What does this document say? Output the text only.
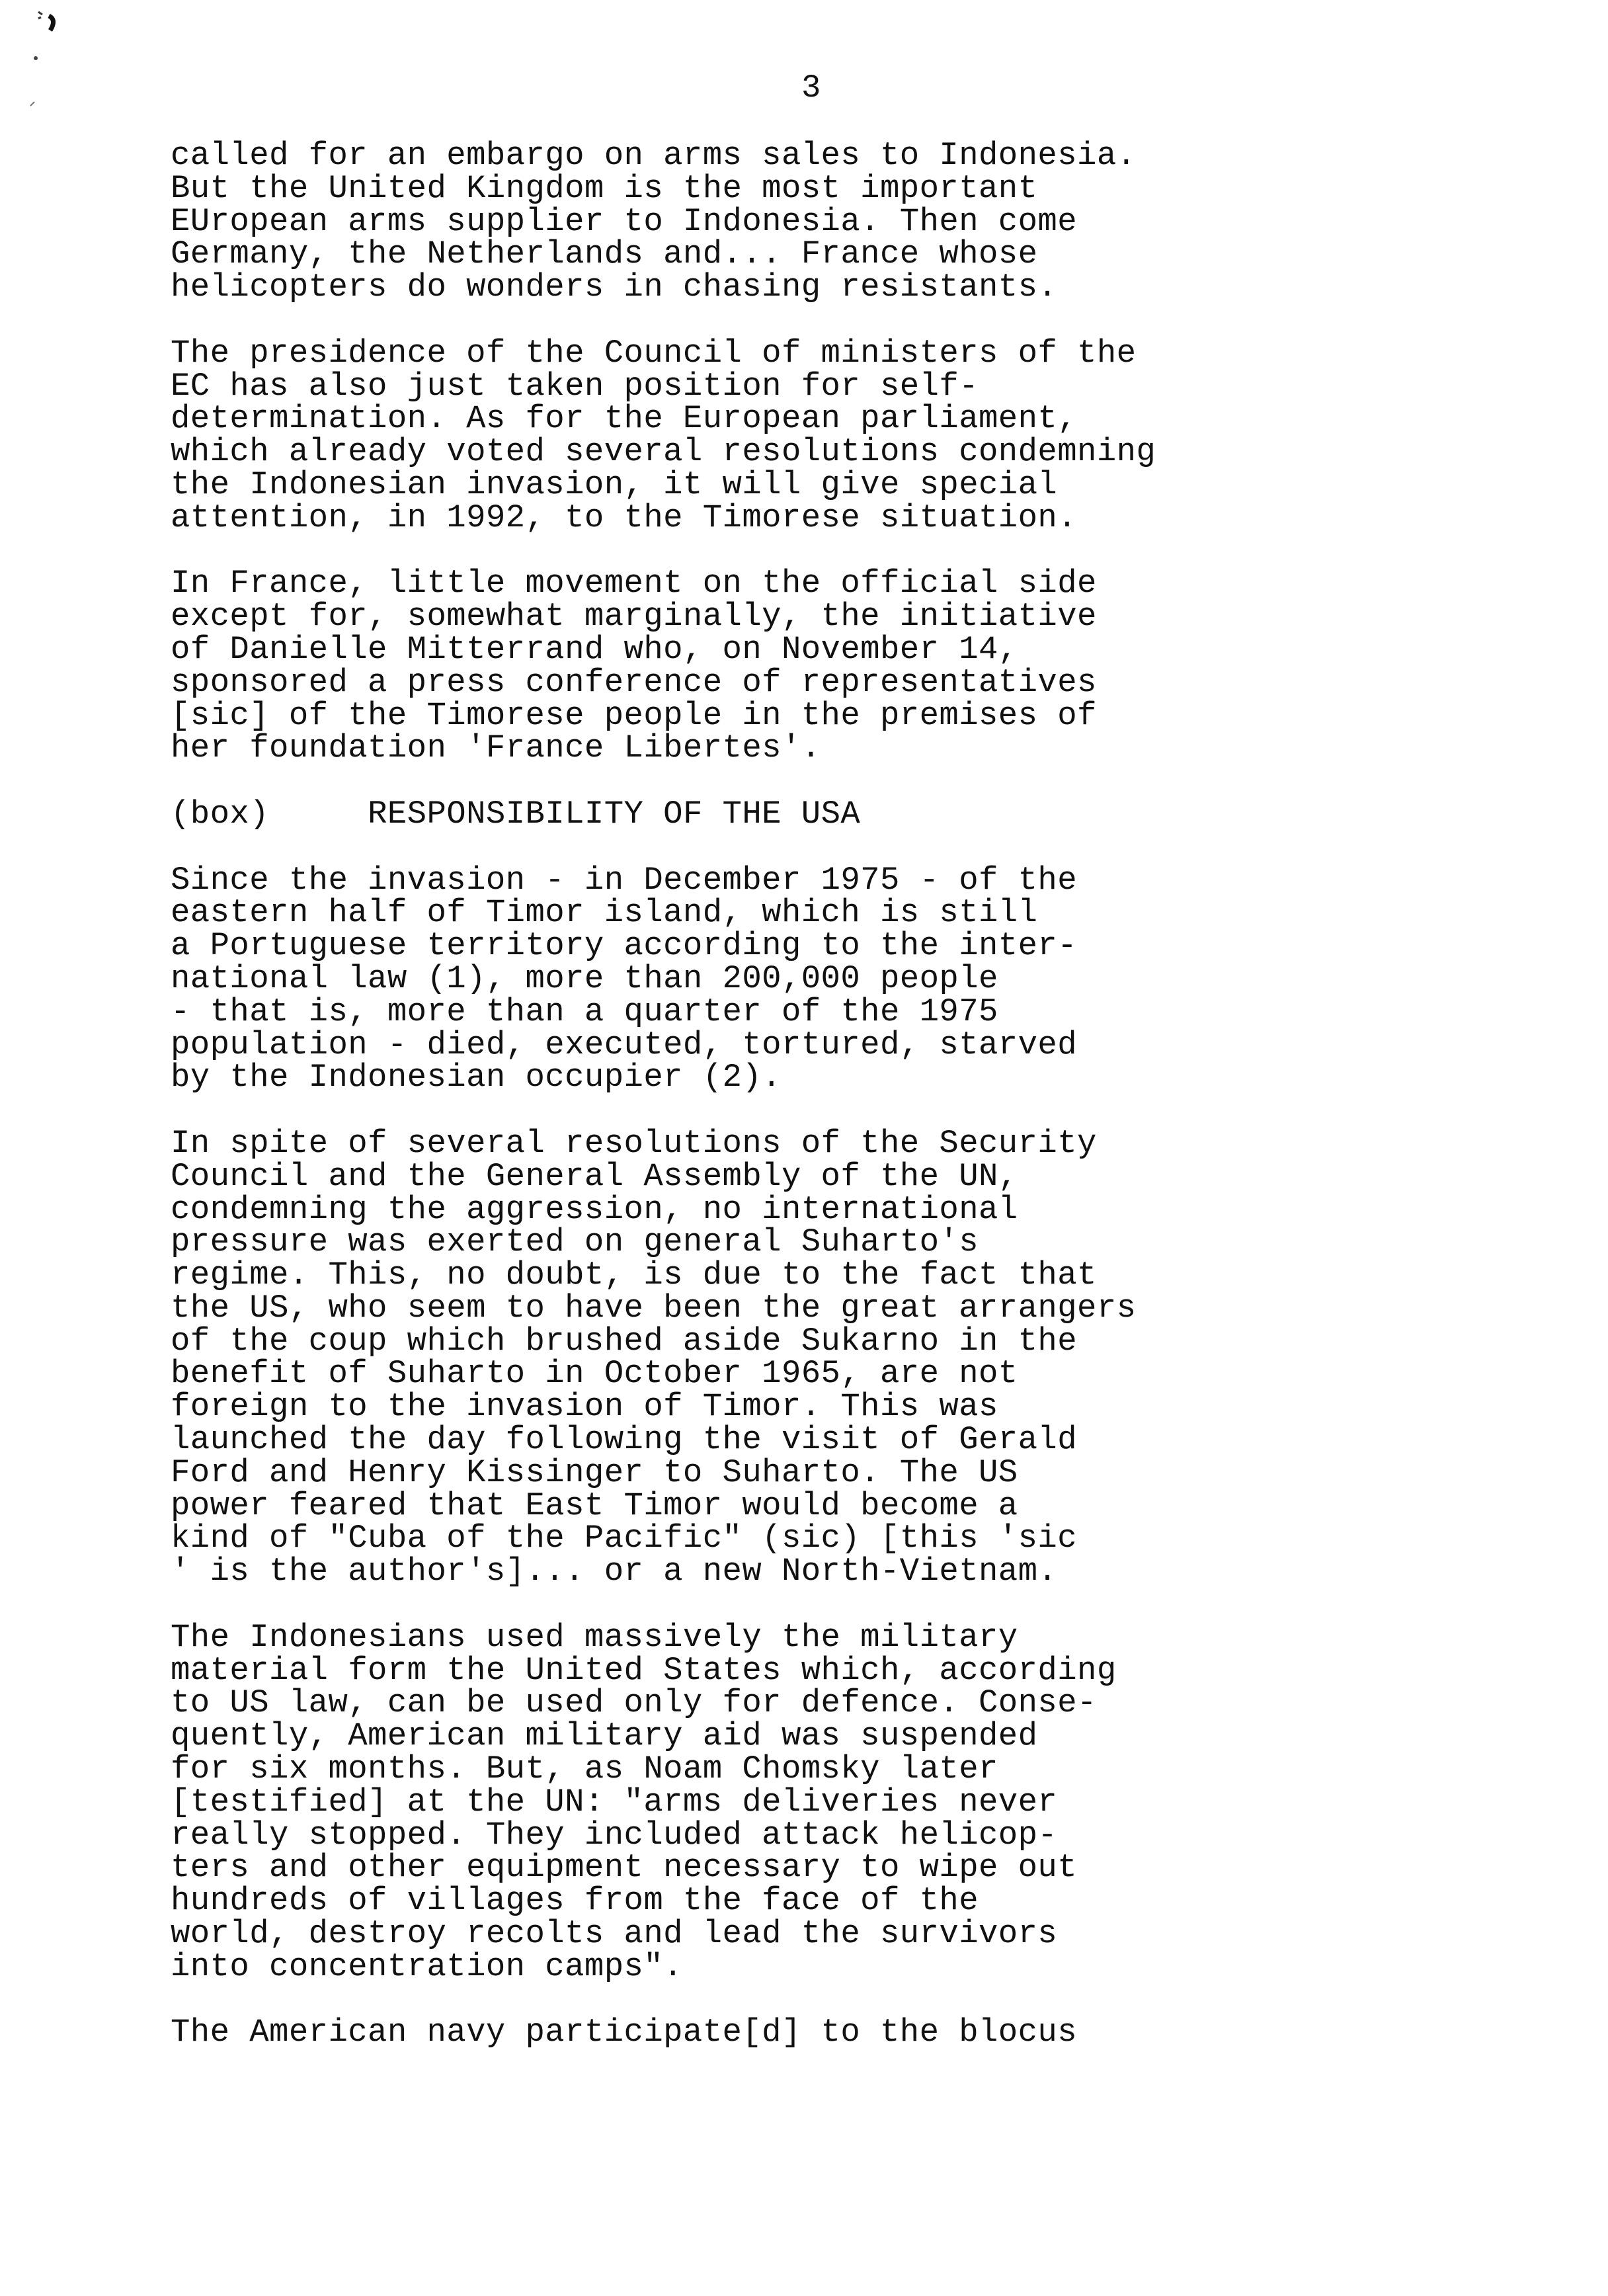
3
called for an embargo on arms sales to Indonesia.
But the United Kingdom is the most important
EUropean arms supplier to Indonesia. Then come
Germany, the Netherlands and... France whose
helicopters do wonders in chasing resistants.
The presidence of the Council of ministers of the
EC has also just taken position for self-
determination. As for the European parliament,
which already voted several resolutions condemning
the Indonesian invasion, it will give special
attention, in 1992, to the Timorese situation.
In France, little movement on the official side
except for, somewhat marginally, the initiative
of Danielle Mitterrand who, on November 14,
sponsored a press conference of representatives
[sic] of the Timorese people in the premises of
her foundation 'France Libertes'.
(box)	RESPONSIBILITY OF THE USA
Since the invasion - in December 1975 - of the
eastern half of Timor island, which is still
a Portuguese territory according to the inter-
national law (1), more than 200,000 people
- that is, more than a quarter of the 1975
population - died, executed, tortured, starved
by the Indonesian occupier (2).
In spite of several resolutions of the Security
Council and the General Assembly of the UN,
condemning the aggression, no international
pressure was exerted on general Suharto's
regime. This, no doubt, is due to the fact that
the US, who seem to have been the great arrangers
of the coup which brushed aside Sukarno in the
benefit of Suharto in October 1965, are not
foreign to the invasion of Timor. This was
launched the day following the visit of Gerald
Ford and Henry Kissinger to Suharto. The US
power feared that East Timor would become a
kind of "Cuba of the Pacific" (sic) [this 'sic
' is the author's]... or a new North-Vietnam.
The Indonesians used massively the military
material form the United States which, according
to US law, can be used only for defence. Conse-
quently, American military aid was suspended
for six months. But, as Noam Chomsky later
[testified] at the UN: "arms deliveries never
really stopped. They included attack helicop-
ters and other equipment necessary to wipe out
hundreds of villages from the face of the
world, destroy recolts and lead the survivors
into concentration camps".
The American navy participate[d] to the blocus
